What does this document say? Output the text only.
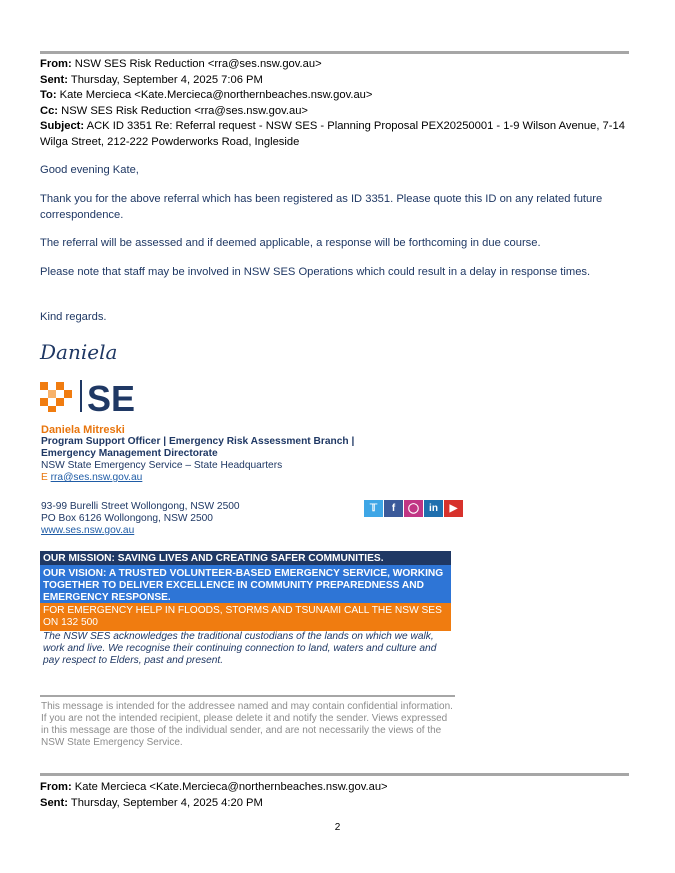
From: NSW SES Risk Reduction <rra@ses.nsw.gov.au>
Sent: Thursday, September 4, 2025 7:06 PM
To: Kate Mercieca <Kate.Mercieca@northernbeaches.nsw.gov.au>
Cc: NSW SES Risk Reduction <rra@ses.nsw.gov.au>
Subject: ACK ID 3351 Re: Referral request - NSW SES - Planning Proposal PEX20250001 - 1-9 Wilson Avenue, 7-14 Wilga Street, 212-222 Powderworks Road, Ingleside
Good evening Kate,
Thank you for the above referral which has been registered as ID 3351. Please quote this ID on any related future correspondence.
The referral will be assessed and if deemed applicable, a response will be forthcoming in due course.
Please note that staff may be involved in NSW SES Operations which could result in a delay in response times.
Kind regards.
Daniela
SE
Daniela Mitreski
Program Support Officer | Emergency Risk Assessment Branch |
Emergency Management Directorate
NSW State Emergency Service – State Headquarters
E rra@ses.nsw.gov.au
93-99 Burelli Street Wollongong, NSW 2500
PO Box 6126 Wollongong, NSW 2500
www.ses.nsw.gov.au
𝕋	f	◯ in	▶
OUR MISSION: SAVING LIVES AND CREATING SAFER COMMUNITIES.
OUR VISION: A TRUSTED VOLUNTEER-BASED EMERGENCY SERVICE, WORKING TOGETHER TO DELIVER EXCELLENCE IN COMMUNITY PREPAREDNESS AND EMERGENCY RESPONSE.
FOR EMERGENCY HELP IN FLOODS, STORMS AND TSUNAMI CALL THE NSW SES ON 132 500
The NSW SES acknowledges the traditional custodians of the lands on which we walk, work and live. We recognise their continuing connection to land, waters and culture and pay respect to Elders, past and present.
This message is intended for the addressee named and may contain confidential information. If you are not the intended recipient, please delete it and notify the sender. Views expressed in this message are those of the individual sender, and are not necessarily the views of the NSW State Emergency Service.
From: Kate Mercieca <Kate.Mercieca@northernbeaches.nsw.gov.au>
Sent: Thursday, September 4, 2025 4:20 PM
2
